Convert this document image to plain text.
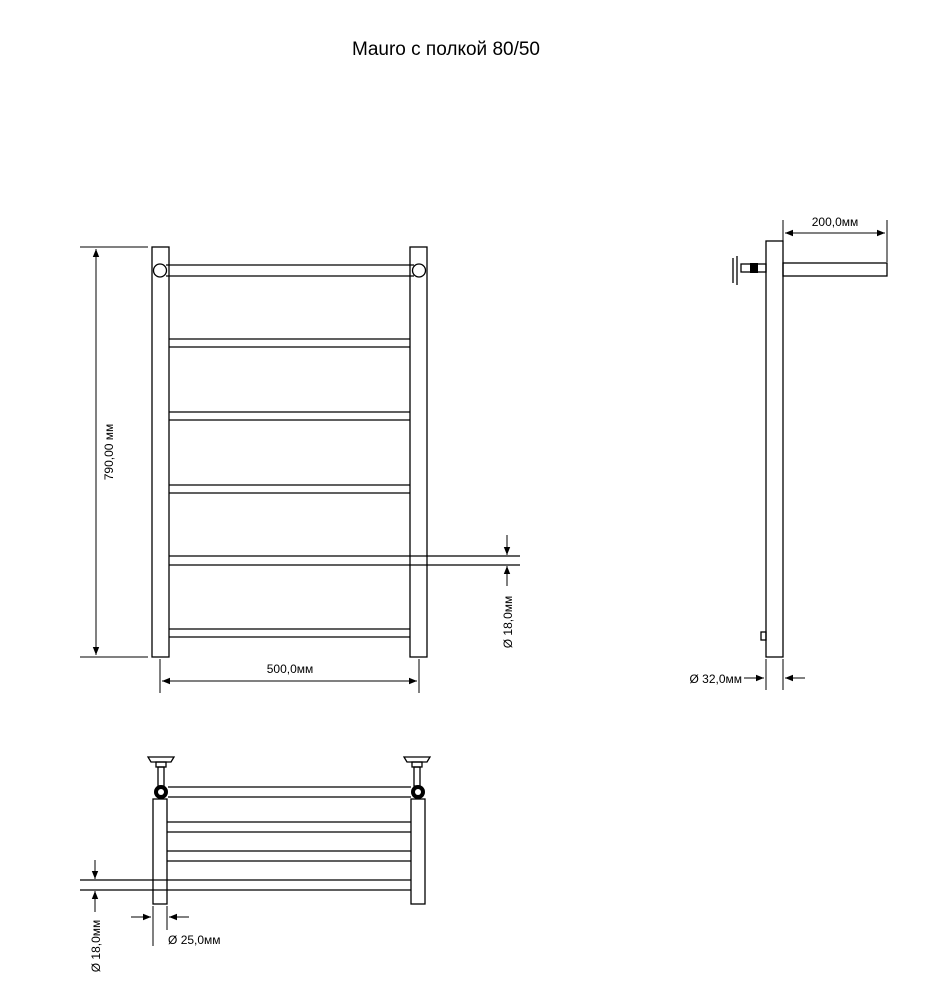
Mauro с полкой 80/50
790,00 мм
500,0мм
Ø 18,0мм
200,0мм
Ø 32,0мм
Ø 18,0мм	Ø 25,0мм
